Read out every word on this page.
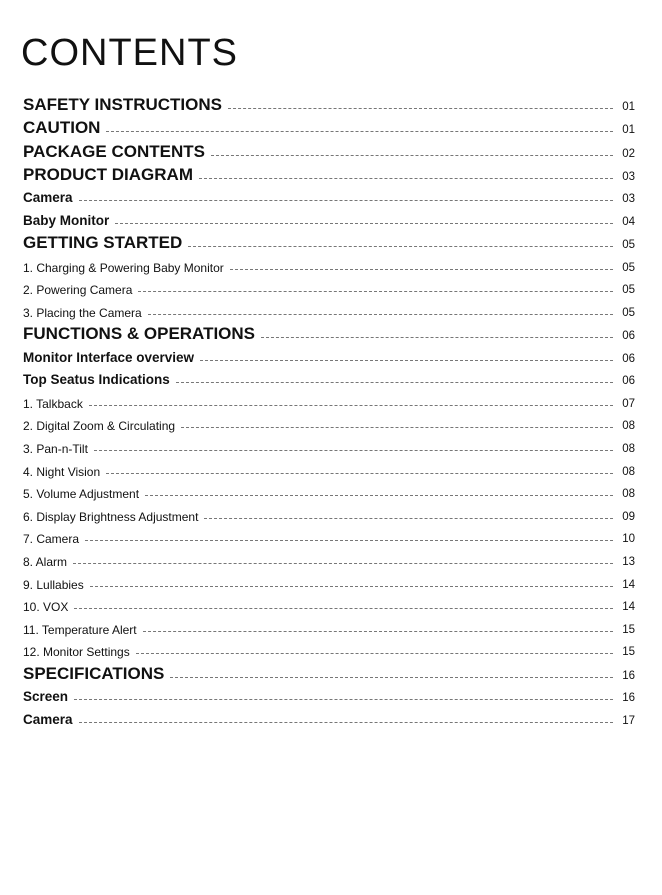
CONTENTS
SAFETY INSTRUCTIONS	01
CAUTION	01
PACKAGE CONTENTS	02
PRODUCT DIAGRAM	03
Camera	03
Baby Monitor	04
GETTING STARTED	05
1. Charging & Powering Baby Monitor	05
2. Powering Camera	05
3. Placing the Camera	05
FUNCTIONS & OPERATIONS	06
Monitor Interface overview	06
Top Seatus Indications	06
1. Talkback	07
2. Digital Zoom & Circulating	08
3. Pan-n-Tilt	08
4. Night Vision	08
5. Volume Adjustment	08
6. Display Brightness Adjustment	09
7. Camera	10
8. Alarm	13
9. Lullabies	14
10. VOX	14
11. Temperature Alert	15
12. Monitor Settings	15
SPECIFICATIONS	16
Screen	16
Camera	17
